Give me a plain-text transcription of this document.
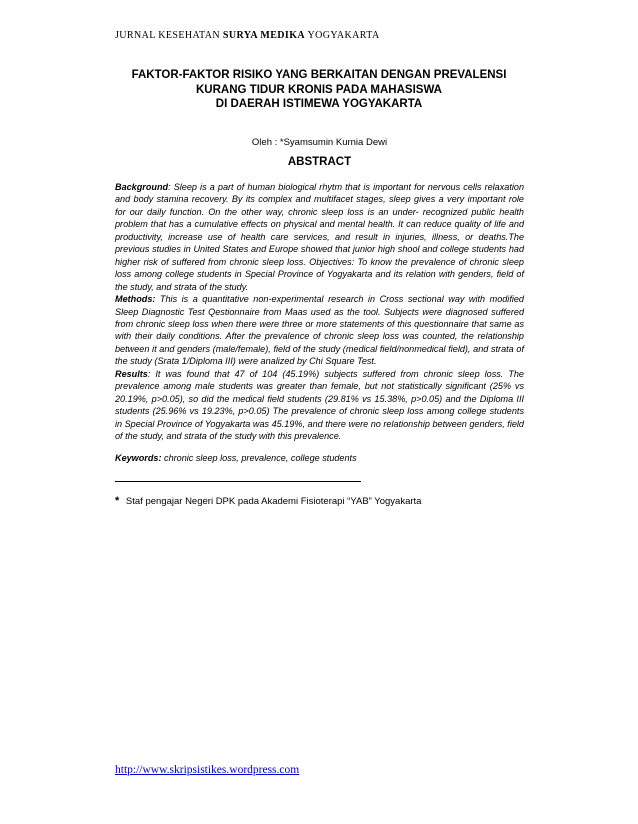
JURNAL KESEHATAN SURYA MEDIKA YOGYAKARTA
FAKTOR-FAKTOR RISIKO YANG BERKAITAN DENGAN PREVALENSI
KURANG TIDUR KRONIS PADA MAHASISWA
DI DAERAH ISTIMEWA YOGYAKARTA
Oleh : *Syamsumin Kurnia Dewi
ABSTRACT

Background: Sleep is a part of human biological rhytm that is important for nervous cells relaxation and body stamina recovery. By its complex and multifacet stages, sleep gives a very important role for our daily function. On the other way, chronic sleep loss is an under- recognized public health problem that has a cumulative effects on physical and mental health. It can reduce quality of life and productivity, increase use of health care services, and result in injuries, illness, or deaths.The previous studies in United States and Europe showed that junior high shool and college students had higher risk of suffered from chronic sleep loss. Objectives: To know the prevalence of chronic sleep loss among college students in Special Province of Yogyakarta and its relation with genders, field of the study, and strata of the study.

Methods: This is a quantitative non-experimental research in Cross sectional way with modified Sleep Diagnostic Test Qestionnaire from Maas used as the tool. Subjects were diagnosed suffered from chronic sleep loss when there were three or more statements of this questionnaire that same as with their daily conditions. After the prevalence of chronic sleep loss was counted, the relationship between it and genders (male/female), field of the study (medical field/nonmedical field), and strata of the study (Srata 1/Diploma III) were analized by Chi Square Test.

Results: It was found that 47 of 104 (45.19%) subjects suffered from chronic sleep loss. The prevalence among male students was greater than female, but not statistically significant (25% vs 20.19%, p>0.05), so did the medical field students (29.81% vs 15.38%, p>0.05) and the Diploma III students (25.96% vs 19.23%, p>0.05) The prevalence of chronic sleep loss among college students in Special Province of Yogyakarta was 45.19%, and there were no relationship between genders, field of the study, and strata of the study with this prevalence.

Keywords: chronic sleep loss, prevalence, college students
* Staf pengajar Negeri DPK pada Akademi Fisioterapi “YAB” Yogyakarta
http://www.skripsistikes.wordpress.com
